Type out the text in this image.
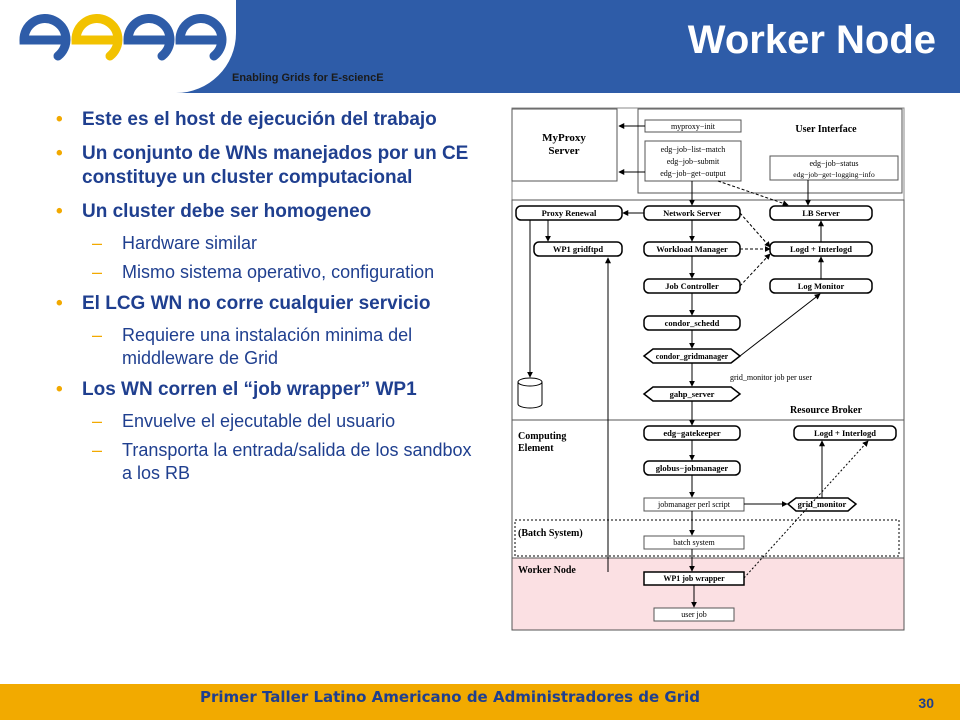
Enabling Grids for E-sciencE
Worker Node
• Este es el host de ejecución del trabajo
• Un conjunto de WNs manejados por un CE constituye un cluster computacional
• Un cluster debe ser homogeneo
– Hardware similar
– Mismo sistema operativo, configuration
• El LCG WN no corre cualquier servicio
– Requiere una instalación minima del middleware de Grid
• Los WN corren el “job wrapper” WP1
– Envuelve el ejecutable del usuario
– Transporta la entrada/salida de los sandbox a los RB
MyProxy
Server
User Interface
myproxy−init
edg−job−list−match
edg−job−submit
edg−job−get−output
edg−job−status
edg−job−get−logging−info
Resource Broker
Proxy Renewal	Network Server	LB Server
WP1 gridftpd	Workload Manager	Logd + Interlogd
Job Controller	Log Monitor
condor_schedd
condor_gridmanager
grid_monitor job per user
gahp_server
Computing
Element
edg−gatekeeper	Logd + Interlogd
globus−jobmanager
jobmanager perl script	grid_monitor
(Batch System)
batch system
Worker Node
WP1 job wrapper
user job
Primer Taller Latino Americano de Administradores de Grid	30
